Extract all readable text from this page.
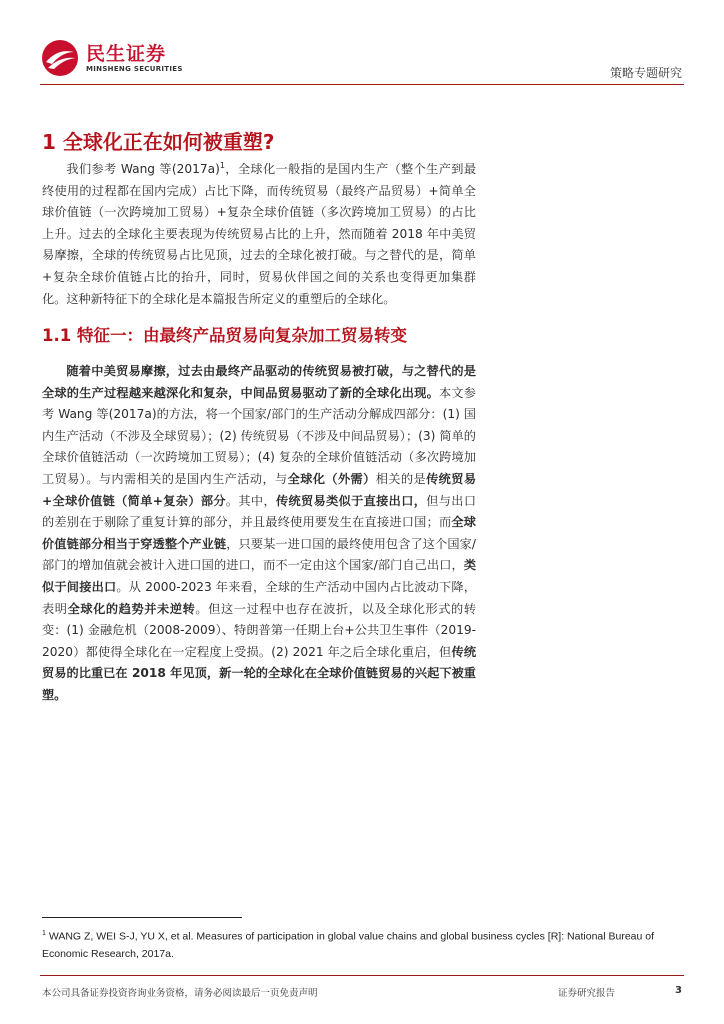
民生证券
MINSHENG SECURITIES	策略专题研究
1 全球化正在如何被重塑?

我们参考 Wang 等(2017a)$^1$，全球化一般指的是国内生产（整个生产到最终使用的过程都在国内完成）占比下降，而传统贸易（最终产品贸易）+简单全球价值链（一次跨境加工贸易）+复杂全球价值链（多次跨境加工贸易）的占比上升。过去的全球化主要表现为传统贸易占比的上升，然而随着 2018 年中美贸易摩擦，全球的传统贸易占比见顶，过去的全球化被打破。与之替代的是，简单+复杂全球价值链占比的抬升，同时，贸易伙伴国之间的关系也变得更加集群化。这种新特征下的全球化是本篇报告所定义的重塑后的全球化。

1.1 特征一：由最终产品贸易向复杂加工贸易转变

随着中美贸易摩擦，过去由最终产品驱动的传统贸易被打破，与之替代的是全球的生产过程越来越深化和复杂，中间品贸易驱动了新的全球化出现。本文参考 Wang 等(2017a)的方法，将一个国家/部门的生产活动分解成四部分：(1) 国内生产活动（不涉及全球贸易）；(2) 传统贸易（不涉及中间品贸易）；(3) 简单的全球价值链活动（一次跨境加工贸易）；(4) 复杂的全球价值链活动（多次跨境加工贸易）。与内需相关的是国内生产活动，与全球化（外需）相关的是传统贸易+全球价值链（简单+复杂）部分。其中，传统贸易类似于直接出口，但与出口的差别在于剔除了重复计算的部分，并且最终使用要发生在直接进口国；而全球价值链部分相当于穿透整个产业链，只要某一进口国的最终使用包含了这个国家/部门的增加值就会被计入进口国的进口，而不一定由这个国家/部门自己出口，类似于间接出口。从 2000-2023 年来看，全球的生产活动中国内占比波动下降，表明全球化的趋势并未逆转。但这一过程中也存在波折，以及全球化形式的转变：(1) 金融危机（2008-2009）、特朗普第一任期上台+公共卫生事件（2019-2020）都使得全球化在一定程度上受损。(2) 2021 年之后全球化重启，但传统贸易的比重已在 2018 年见顶，新一轮的全球化在全球价值链贸易的兴起下被重塑。

$^1$ WANG Z, WEI S-J, YU X, et al. Measures of participation in global value chains and global business cycles [R]: National Bureau of Economic Research, 2017a.
本公司具备证券投资咨询业务资格，请务必阅读最后一页免责声明	证券研究报告	3
